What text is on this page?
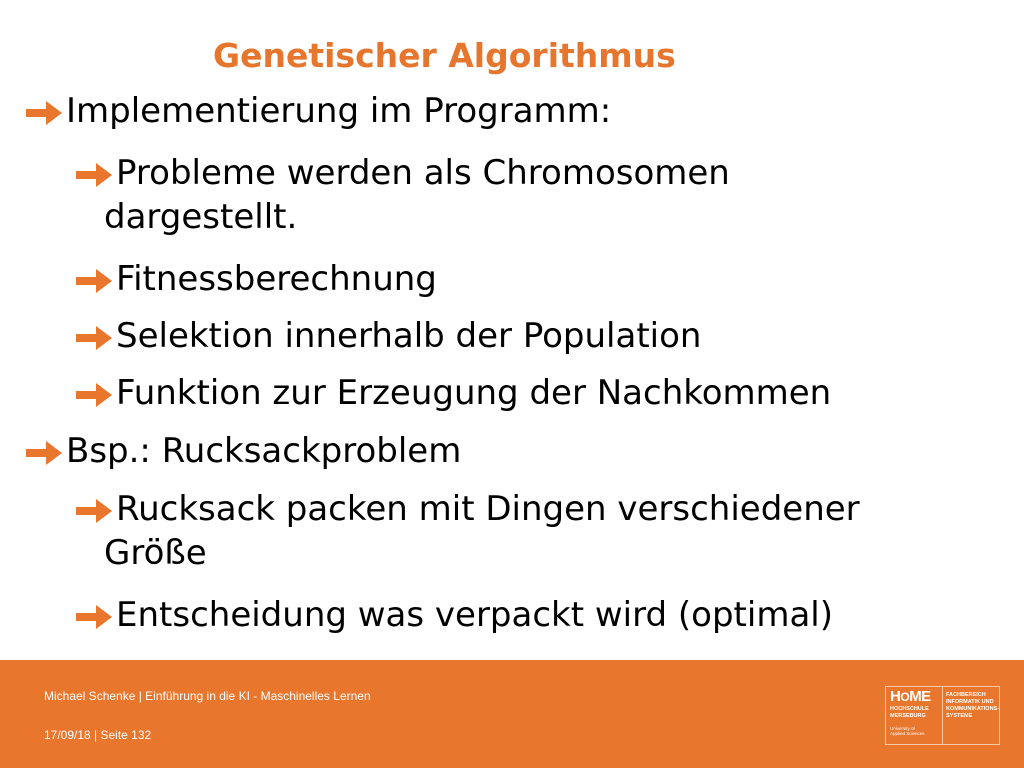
Genetischer Algorithmus
Implementierung im Programm:
Probleme werden als Chromosomen
dargestellt.
Fitnessberechnung
Selektion innerhalb der Population
Funktion zur Erzeugung der Nachkommen
Bsp.: Rucksackproblem
Rucksack packen mit Dingen verschiedener
Größe
Entscheidung was verpackt wird (optimal)
Michael Schenke | Einführung in die KI - Maschinelles Lernen
17/09/18 | Seite 132
HOME
HOCHSCHULE
MERSEBURG
University of
Applied Sciences
FACHBEREICH
INFORMATIK UND
KOMMUNIKATIONS-
SYSTEME
